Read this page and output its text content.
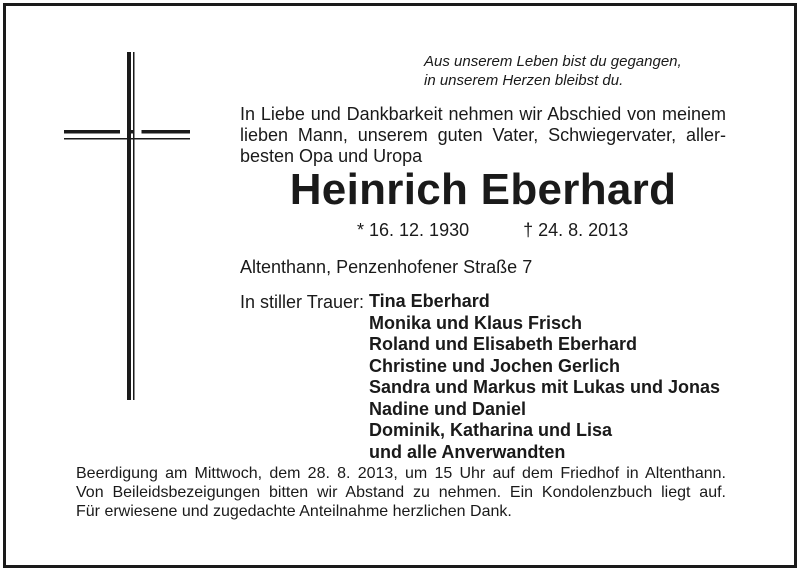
Aus unserem Leben bist du gegangen,
in unserem Herzen bleibst du.
In Liebe und Dankbarkeit nehmen wir Abschied von meinem
lieben Mann, unserem guten Vater, Schwiegervater, aller-
besten Opa und Uropa
Heinrich Eberhard
* 16. 12. 1930	† 24. 8. 2013
Altenthann, Penzenhofener Straße 7
In stiller Trauer: Tina Eberhard
Monika und Klaus Frisch
Roland und Elisabeth Eberhard
Christine und Jochen Gerlich
Sandra und Markus mit Lukas und Jonas
Nadine und Daniel
Dominik, Katharina und Lisa
und alle Anverwandten
Beerdigung am Mittwoch, dem 28. 8. 2013, um 15 Uhr auf dem Friedhof in Altenthann.
Von Beileidsbezeigungen bitten wir Abstand zu nehmen. Ein Kondolenzbuch liegt auf.
Für erwiesene und zugedachte Anteilnahme herzlichen Dank.
